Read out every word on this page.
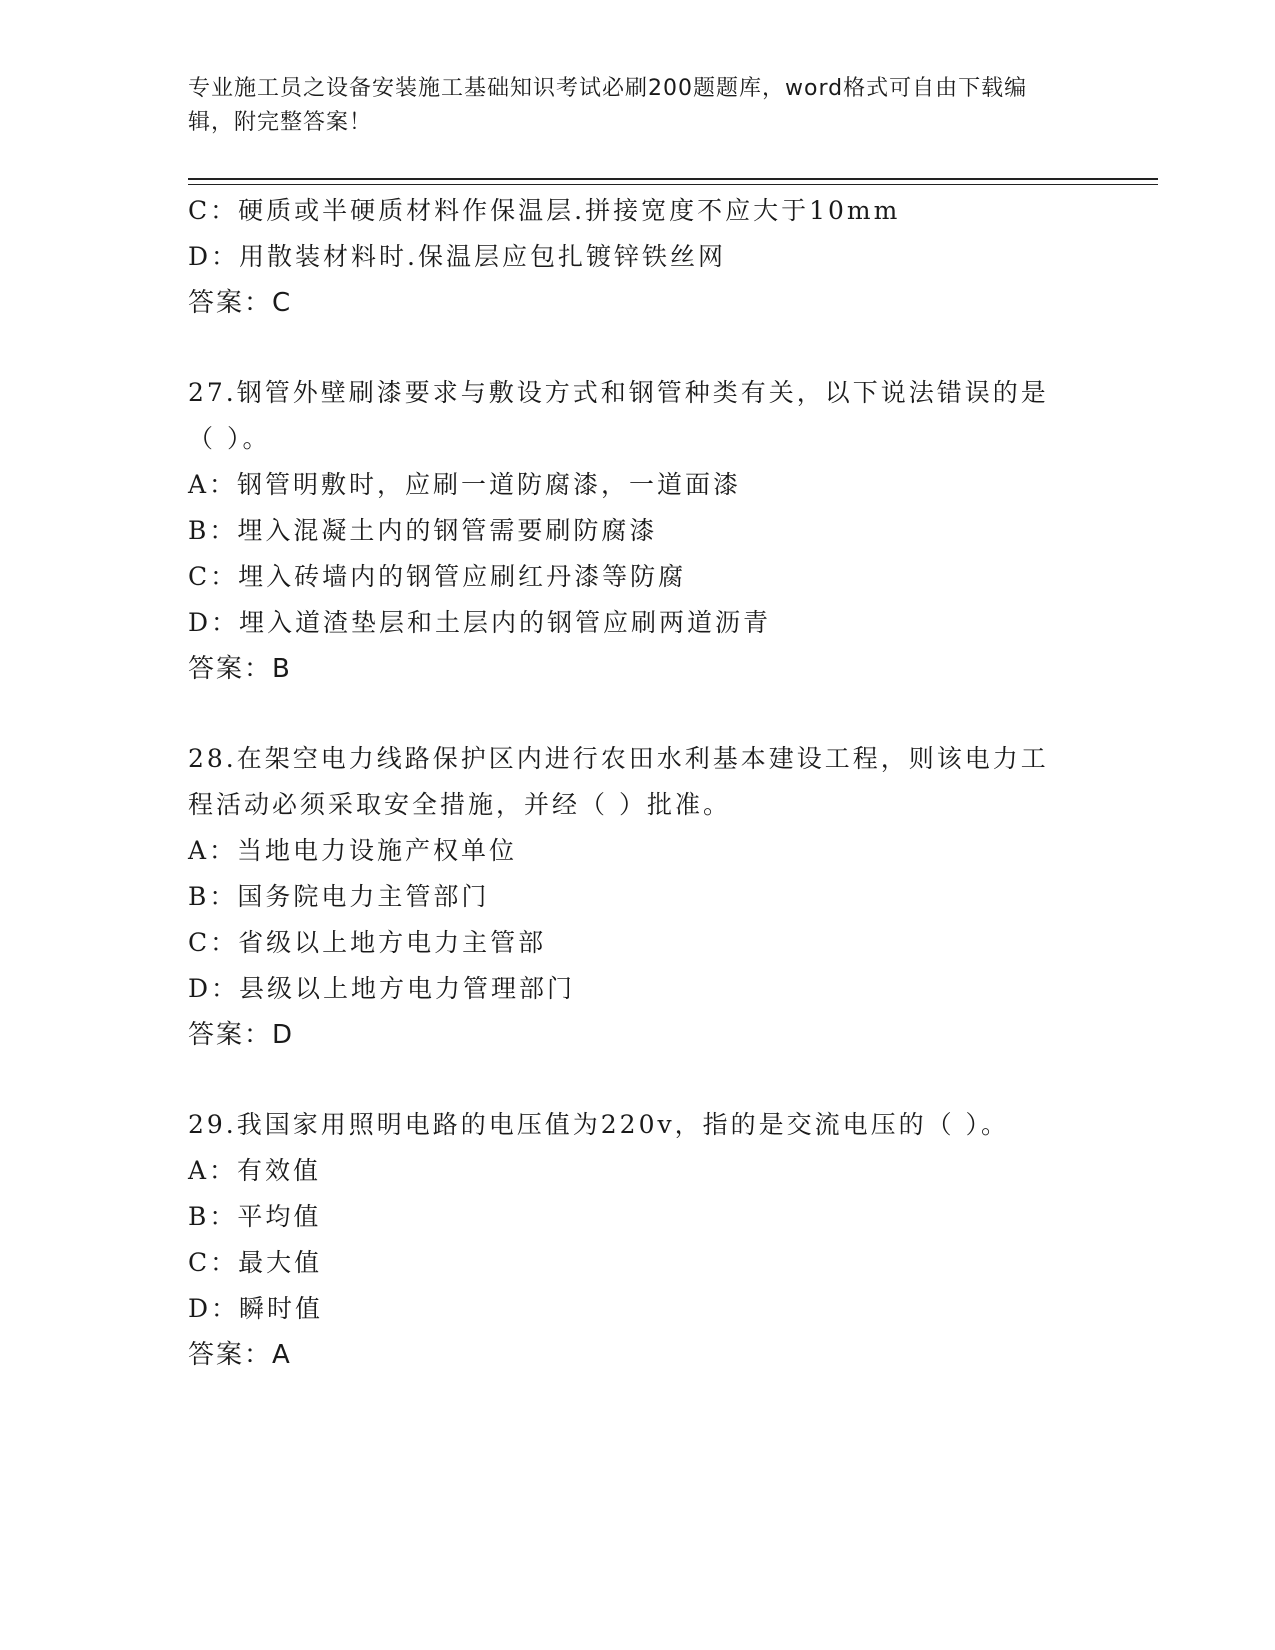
专业施工员之设备安装施工基础知识考试必刷200题题库，word格式可自由下载编辑，附完整答案！
C：硬质或半硬质材料作保温层.拼接宽度不应大于10mm
D：用散装材料时.保温层应包扎镀锌铁丝网
答案：C
27.钢管外壁刷漆要求与敷设方式和钢管种类有关，以下说法错误的是
（ ）。
A：钢管明敷时，应刷一道防腐漆，一道面漆
B：埋入混凝土内的钢管需要刷防腐漆
C：埋入砖墙内的钢管应刷红丹漆等防腐
D：埋入道渣垫层和土层内的钢管应刷两道沥青
答案：B
28.在架空电力线路保护区内进行农田水利基本建设工程，则该电力工
程活动必须采取安全措施，并经（ ）批准。
A：当地电力设施产权单位
B：国务院电力主管部门
C：省级以上地方电力主管部
D：县级以上地方电力管理部门
答案：D
29.我国家用照明电路的电压值为220v，指的是交流电压的（ ）。
A：有效值
B：平均值
C：最大值
D：瞬时值
答案：A
